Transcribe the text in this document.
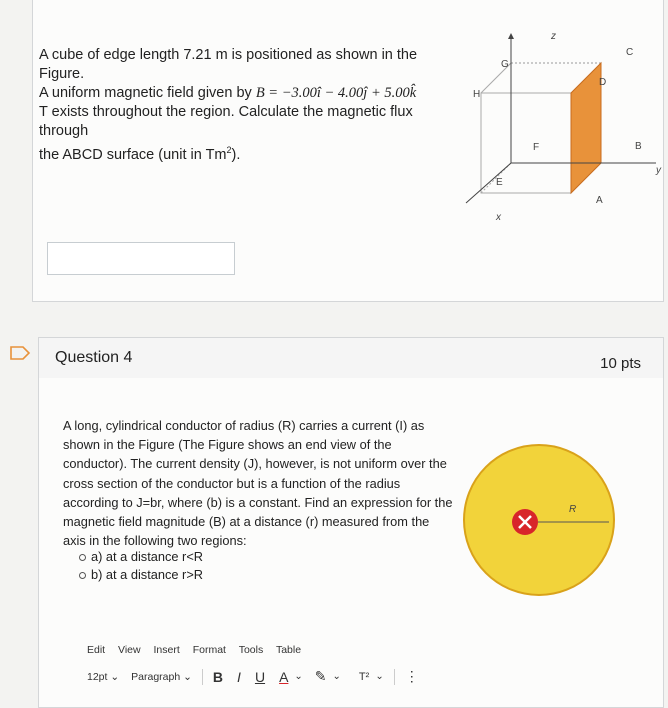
A cube of edge length 7.21 m is positioned as shown in the Figure.
A uniform magnetic field given by B = −3.00î − 4.00ĵ + 5.00k̂
T exists throughout the region. Calculate the magnetic flux through
the ABCD surface (unit in Tm$^2$).
z
G
C
H
D
F	B
y
E
A
x
Question 4	10 pts
A long, cylindrical conductor of radius (R) carries a current (I) as shown in the Figure (The Figure shows an end view of the conductor). The current density (J), however, is not uniform over the cross section of the conductor but is a function of the radius according to J=br, where (b) is a constant. Find an expression for the magnetic field magnitude (B) at a distance (r) measured from the axis in the following two regions:
a) at a distance r<R
b) at a distance r>R
R
Edit View Insert Format Tools Table
12pt ⌄ Paragraph ⌄ B I U A ⌄ ✎ ⌄ T² ⌄ ⋮
